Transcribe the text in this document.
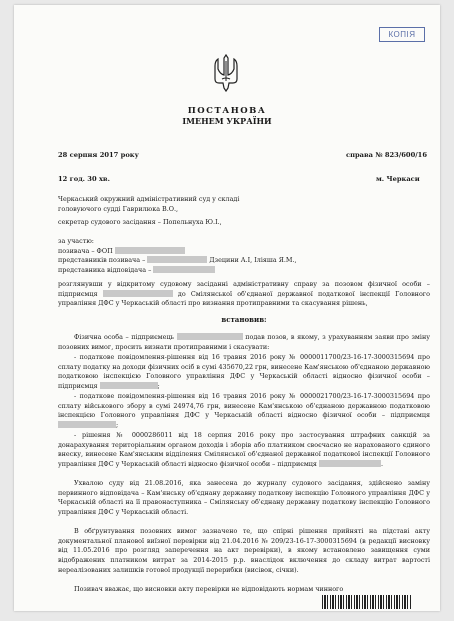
КОПІЯ
ПОСТАНОВА
ІМЕНЕМ УКРАЇНИ
28 серпня 2017 року	справа № 823/600/16
12 год. 30 хв.	м. Черкаси
Черкаський окружний адміністративний суд у складі
головуючого судді Гаврилюка В.О.,
секретар судового засідання – Попельнуха Ю.І.,
за участю:
позивача – ФОП
представників позивача –	Дзецини А.І, Іліяша Я.М.,
представника відповідача –
розглянувши у відкритому судовому засіданні адміністративну справу за позовом фізичної особи – підприємця	до Смілянської об'єднаної державної податкової інспекції Головного управління ДФС у Черкаській області про визнання протиправними та скасування рішень,
встановив:
Фізична особа – підприємець	подав позов, в якому, з урахуванням заяви про зміну позовних вимог, просить визнати протиправними і скасувати:
- податкове повідомлення-рішення від 16 травня 2016 року № 0000011700/23-16-17-3000315694 про сплату податку на доходи фізичних осіб в сумі 435670,22 грн, винесене Кам'янською об'єднаною державною податковою інспекцією Головного управління ДФС у Черкаській області відносно фізичної особи – підприємця	;
- податкове повідомлення-рішення від 16 травня 2016 року № 0000021700/23-16-17-3000315694 про сплату військового збору в сумі 24974,76 грн, винесене Кам'янською об'єднаною державною податковою інспекцією Головного управління ДФС у Черкаській області відносно фізичної особи – підприємця ;
- рішення № 0000286011 від 18 серпня 2016 року про застосування штрафних санкцій за донарахування територіальним органом доходів і зборів або платником своєчасно не нарахованого єдиного внеску, винесене Кам'янським відділення Смілянської об'єднаної державної податкової інспекції Головного управління ДФС у Черкаській області відносно фізичної особи – підприємця	.
Ухвалою суду від 21.08.2016, яка занесена до журналу судового засідання, здійснено заміну первинного відповідача – Кам'янську об'єднану державну податкову інспекцію Головного управління ДФС у Черкаській області на її правонаступника – Смілянську об'єднану державну податкову інспекцію Головного управління ДФС у Черкаській області.
В обґрунтування позовних вимог зазначено те, що спірні рішення прийняті на підставі акту документальної планової виїзної перевірки від 21.04.2016 № 209/23-16-17-3000315694 (в редакції висновку від 11.05.2016 про розгляд заперечення на акт перевірки), в якому встановлено завищення суми відображених платником витрат за 2014-2015 р.р. внаслідок включення до складу витрат вартості нереалізованих залишків готової продукції перерибки (висівок, січки).
Позивач вважає, що висновки акту перевірки не відповідають нормам чинного
